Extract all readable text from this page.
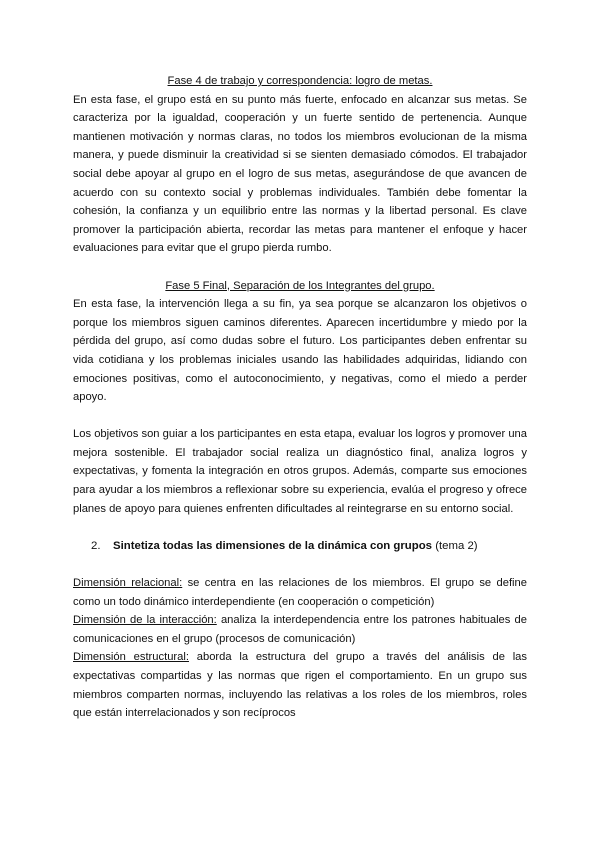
Fase 4 de trabajo y correspondencia: logro de metas.

En esta fase, el grupo está en su punto más fuerte, enfocado en alcanzar sus metas. Se caracteriza por la igualdad, cooperación y un fuerte sentido de pertenencia. Aunque mantienen motivación y normas claras, no todos los miembros evolucionan de la misma manera, y puede disminuir la creatividad si se sienten demasiado cómodos. El trabajador social debe apoyar al grupo en el logro de sus metas, asegurándose de que avancen de acuerdo con su contexto social y problemas individuales. También debe fomentar la cohesión, la confianza y un equilibrio entre las normas y la libertad personal. Es clave promover la participación abierta, recordar las metas para mantener el enfoque y hacer evaluaciones para evitar que el grupo pierda rumbo.

Fase 5 Final, Separación de los Integrantes del grupo.

En esta fase, la intervención llega a su fin, ya sea porque se alcanzaron los objetivos o porque los miembros siguen caminos diferentes. Aparecen incertidumbre y miedo por la pérdida del grupo, así como dudas sobre el futuro. Los participantes deben enfrentar su vida cotidiana y los problemas iniciales usando las habilidades adquiridas, lidiando con emociones positivas, como el autoconocimiento, y negativas, como el miedo a perder apoyo.

Los objetivos son guiar a los participantes en esta etapa, evaluar los logros y promover una mejora sostenible. El trabajador social realiza un diagnóstico final, analiza logros y expectativas, y fomenta la integración en otros grupos. Además, comparte sus emociones para ayudar a los miembros a reflexionar sobre su experiencia, evalúa el progreso y ofrece planes de apoyo para quienes enfrenten dificultades al reintegrarse en su entorno social.

2. Sintetiza todas las dimensiones de la dinámica con grupos (tema 2)

Dimensión relacional: se centra en las relaciones de los miembros. El grupo se define como un todo dinámico interdependiente (en cooperación o competición)

Dimensión de la interacción: analiza la interdependencia entre los patrones habituales de comunicaciones en el grupo (procesos de comunicación)

Dimensión estructural: aborda la estructura del grupo a través del análisis de las expectativas compartidas y las normas que rigen el comportamiento. En un grupo sus miembros comparten normas, incluyendo las relativas a los roles de los miembros, roles que están interrelacionados y son recíprocos
